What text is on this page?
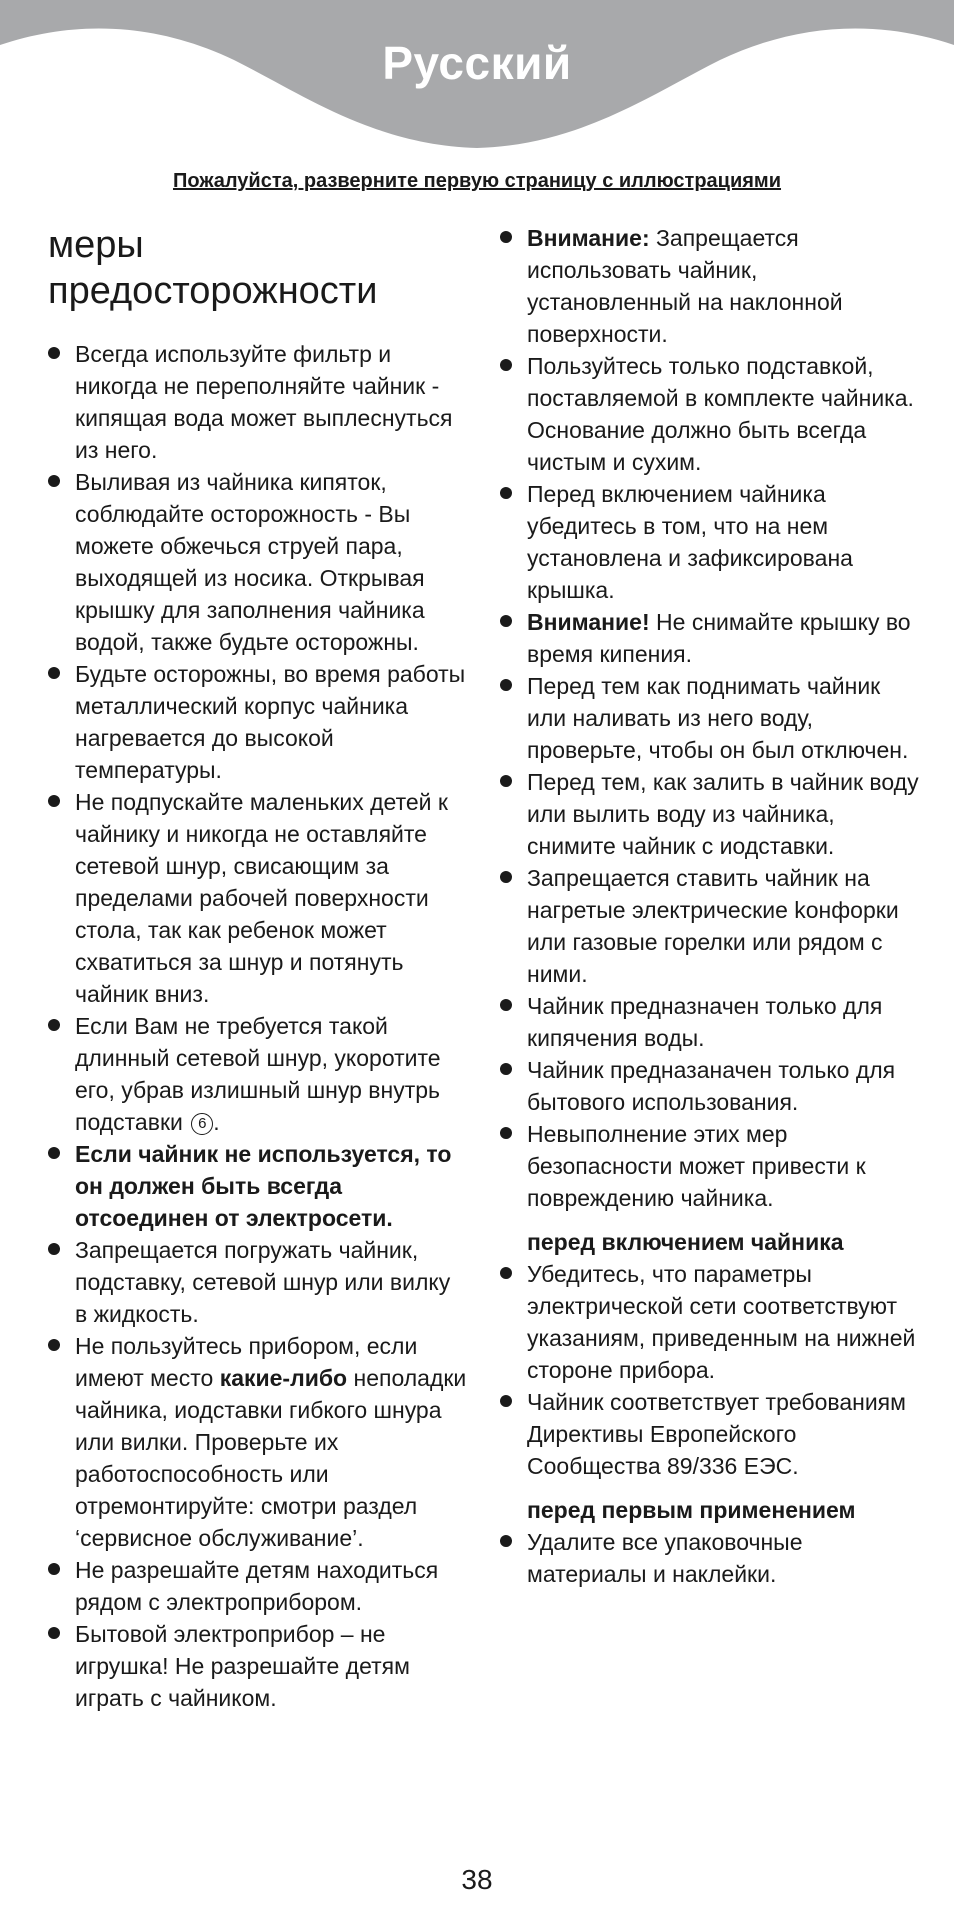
Русский
Пожалуйста, разверните первую страницу с иллюстрациями
меры предосторожности
Всегда используйте фильтр и никогда не переполняйте чайник - кипящая вода может выплеснуться из него.
Выливая из чайника кипяток, соблюдайте осторожность - Вы можете обжечься струей пара, выходящей из носика. Открывая крышку для заполнения чайника водой, также будьте осторожны.
Будьте осторожны, во время работы металлический корпус чайника нагревается до высокой температуры.
Не подпускайте маленьких детей к чайнику и никогда не оставляйте сетевой шнур, свисающим за пределами рабочей поверхности стола, так как ребенок может схватиться за шнур и потянуть чайник вниз.
Если Вам не требуется такой длинный сетевой шнур, укоротите его, убрав излишный шнур внутрь подставки 6 .
Если чайник не используется, то он должен быть всегда отсоединен от электросети.
Запрещается погружать чайник, подставку, сетевой шнур или вилку в жидкость.
Не пользуйтесь прибором, если имеют место какие-либо неполадки чайника, иодставки гибкого шнура или вилки. Проверьте их работоспособность или отремонтируйте: смотри раздел ‘сервисное обслуживание’.
Не разрешайте детям находиться рядом с электроприбором.
Бытовой электроприбор – не игрушка! Не разрешайте детям играть с чайником.
Внимание: Запрещается использовать чайник, установленный на наклонной поверхности.
Пользуйтесь только подставкой, поставляемой в комплекте чайника.
Основание должно быть всегда чистым и сухим.
Перед включением чайника убедитесь в том, что на нем установлена и зафиксирована крышка.
Внимание! Не снимайте крышку во время кипения.
Перед тем как поднимать чайник или наливать из него воду, проверьте, чтобы он был отключен.
Перед тем, как залить в чайник воду или вылить воду из чайника, снимите чайник с иодставки.
Запрещается ставить чайник на нагретые электрические kонфорки или газовые горелки или рядом с ними.
Чайник предназначен только для кипячения воды.
Чайник предназаначен только для бытового использования.
Невыполнение этих мер безопасности может привести к повреждению чайника.
перед включением чайника
Убедитесь, что параметры электрической сети соответствуют указаниям, приведенным на нижней стороне прибора.
Чайник соответствует требованиям Директивы Европейского Сообщества 89/336 ЕЭС.
перед первым применением
Удалите все упаковочные материалы и наклейки.
38
